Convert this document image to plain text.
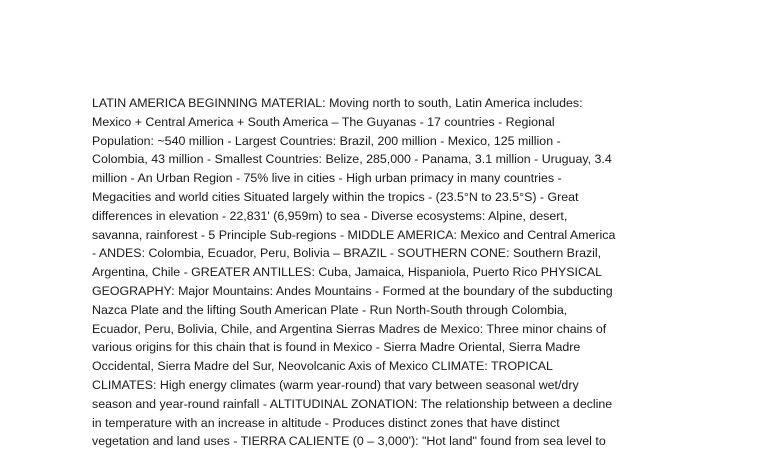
LATIN AMERICA BEGINNING MATERIAL: Moving north to south, Latin America includes:
Mexico + Central America + South America – The Guyanas - 17 countries - Regional
Population: ~540 million - Largest Countries: Brazil, 200 million - Mexico, 125 million -
Colombia, 43 million - Smallest Countries: Belize, 285,000 - Panama, 3.1 million - Uruguay, 3.4
million - An Urban Region - 75% live in cities - High urban primacy in many countries -
Megacities and world cities Situated largely within the tropics - (23.5°N to 23.5°S) - Great
differences in elevation - 22,831' (6,959m) to sea - Diverse ecosystems: Alpine, desert,
savanna, rainforest - 5 Principle Sub-regions - MIDDLE AMERICA: Mexico and Central America
- ANDES: Colombia, Ecuador, Peru, Bolivia – BRAZIL - SOUTHERN CONE: Southern Brazil,
Argentina, Chile - GREATER ANTILLES: Cuba, Jamaica, Hispaniola, Puerto Rico PHYSICAL
GEOGRAPHY: Major Mountains: Andes Mountains - Formed at the boundary of the subducting
Nazca Plate and the lifting South American Plate - Run North-South through Colombia,
Ecuador, Peru, Bolivia, Chile, and Argentina Sierras Madres de Mexico: Three minor chains of
various origins for this chain that is found in Mexico - Sierra Madre Oriental, Sierra Madre
Occidental, Sierra Madre del Sur, Neovolcanic Axis of Mexico CLIMATE: TROPICAL
CLIMATES: High energy climates (warm year-round) that vary between seasonal wet/dry
season and year-round rainfall - ALTITUDINAL ZONATION: The relationship between a decline
in temperature with an increase in altitude - Produces distinct zones that have distinct
vegetation and land uses - TIERRA CALIENTE (0 – 3,000'): "Hot land" found from sea level to
